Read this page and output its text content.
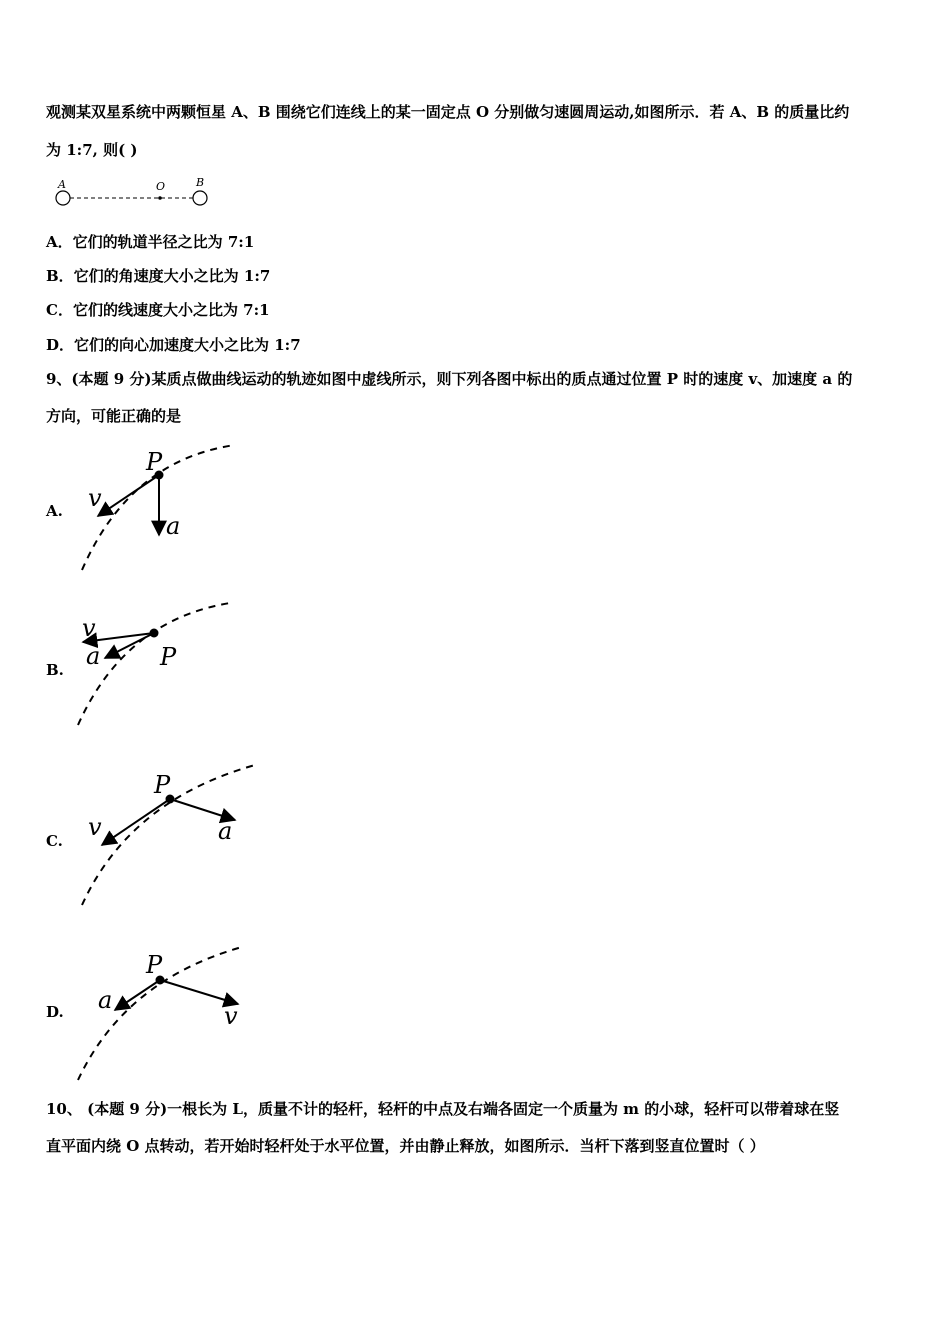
观测某双星系统中两颗恒星 A、B 围绕它们连线上的某一固定点 O 分别做匀速圆周运动,如图所示．若 A、B 的质量比约
为 1:7, 则( )
A	O	B
A．它们的轨道半径之比为 7:1
B．它们的角速度大小之比为 1:7
C．它们的线速度大小之比为 7:1
D．它们的向心加速度大小之比为 1:7
9、(本题 9 分)某质点做曲线运动的轨迹如图中虚线所示，则下列各图中标出的质点通过位置 P 时的速度 v、加速度 a 的
方向，可能正确的是
A.
P
v
a
B.	P
v
a
C.
P
v	a
D.
P
a
v
10、 (本题 9 分)一根长为 L，质量不计的轻杆，轻杆的中点及右端各固定一个质量为 m 的小球，轻杆可以带着球在竖
直平面内绕 O 点转动，若开始时轻杆处于水平位置，并由静止释放，如图所示．当杆下落到竖直位置时（ ）
